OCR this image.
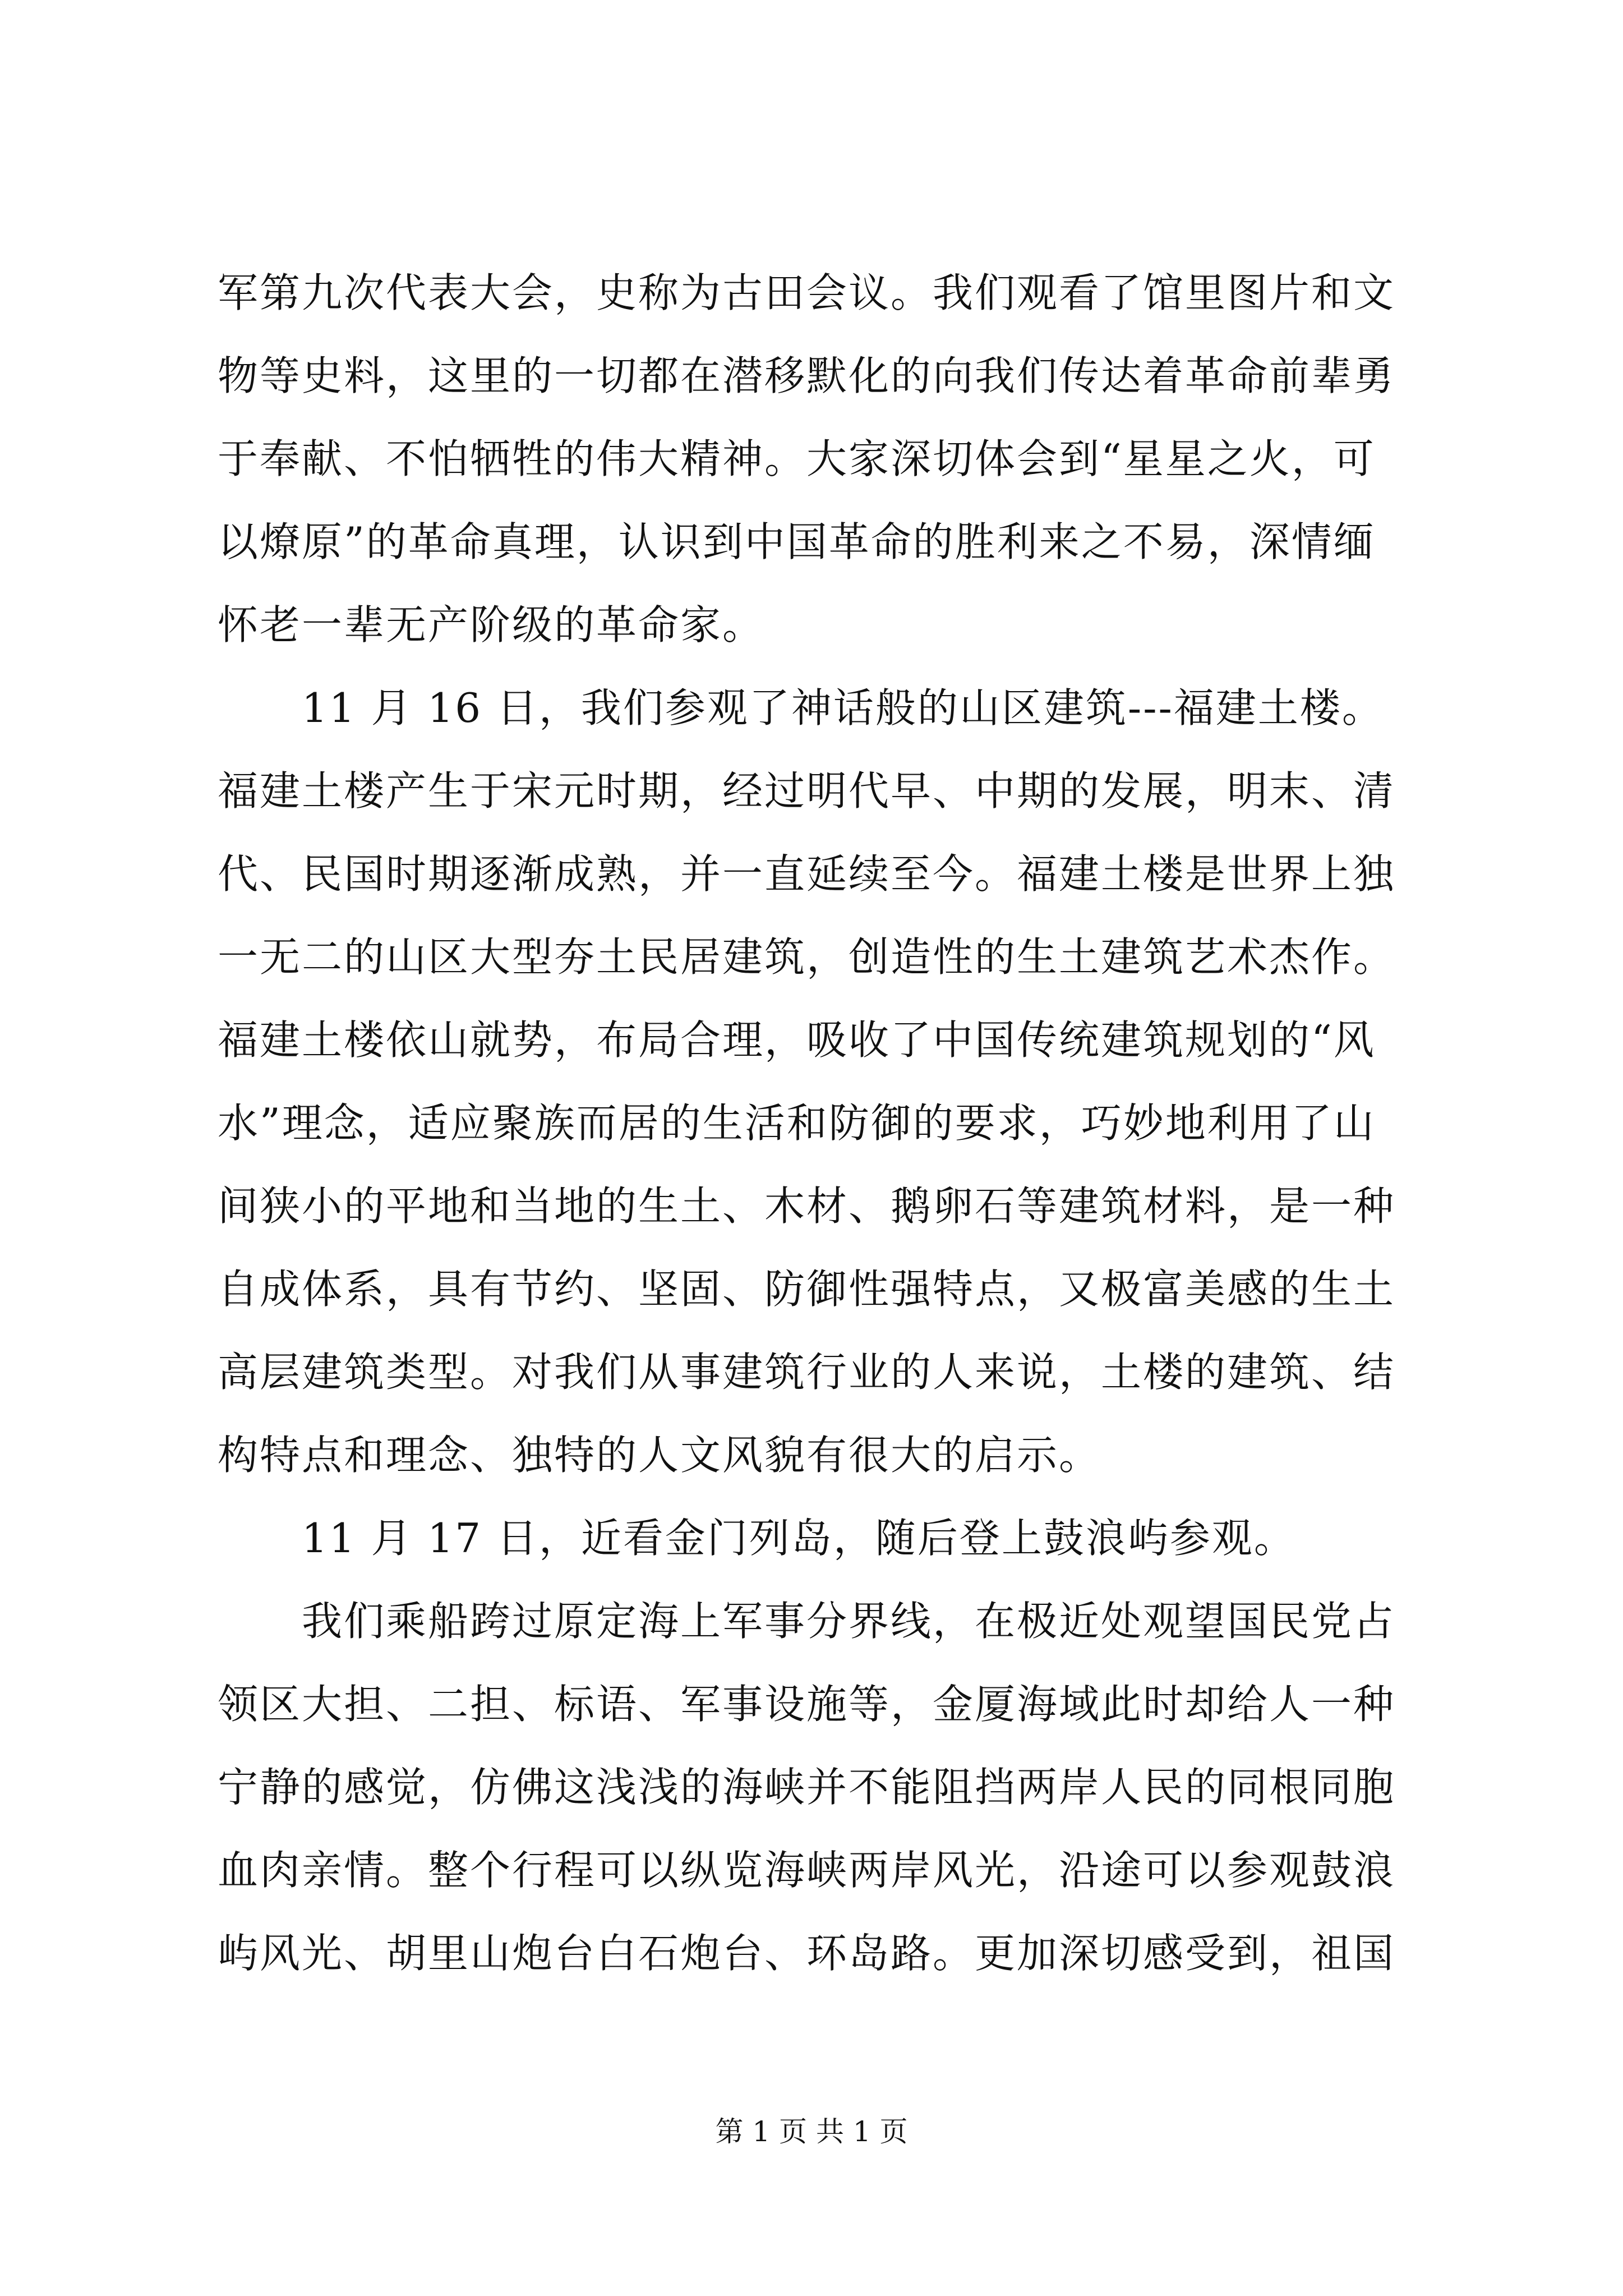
军第九次代表大会，史称为古田会议。我们观看了馆里图片和文
物等史料，这里的一切都在潜移默化的向我们传达着革命前辈勇
于奉献、不怕牺牲的伟大精神。大家深切体会到“星星之火，可
以燎原”的革命真理，认识到中国革命的胜利来之不易，深情缅
怀老一辈无产阶级的革命家。
　　11 月 16 日，我们参观了神话般的山区建筑---福建土楼。
福建土楼产生于宋元时期，经过明代早、中期的发展，明末、清
代、民国时期逐渐成熟，并一直延续至今。福建土楼是世界上独
一无二的山区大型夯土民居建筑，创造性的生土建筑艺术杰作。
福建土楼依山就势，布局合理，吸收了中国传统建筑规划的“风
水”理念，适应聚族而居的生活和防御的要求，巧妙地利用了山
间狭小的平地和当地的生土、木材、鹅卵石等建筑材料，是一种
自成体系，具有节约、坚固、防御性强特点，又极富美感的生土
高层建筑类型。对我们从事建筑行业的人来说，土楼的建筑、结
构特点和理念、独特的人文风貌有很大的启示。
　　11 月 17 日，近看金门列岛，随后登上鼓浪屿参观。
　　我们乘船跨过原定海上军事分界线，在极近处观望国民党占
领区大担、二担、标语、军事设施等，金厦海域此时却给人一种
宁静的感觉，仿佛这浅浅的海峡并不能阻挡两岸人民的同根同胞
血肉亲情。整个行程可以纵览海峡两岸风光，沿途可以参观鼓浪
屿风光、胡里山炮台白石炮台、环岛路。更加深切感受到，祖国
第 1 页 共 1 页
